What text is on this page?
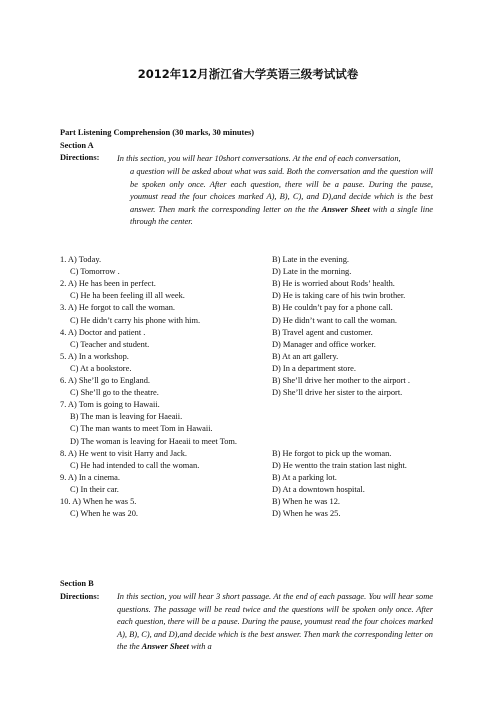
2012年12月浙江省大学英语三级考试试卷
Part Listening Comprehension (30 marks, 30 minutes)
Section A
Directions: In this section, you will hear 10short conversations. At the end of each conversation,
a question will be asked about what was said. Both the conversation and the question will be spoken only once. After each question, there will be a pause. During the pause, youmust read the four choices marked A), B), C), and D),and decide which is the best answer. Then mark the corresponding letter on the the Answer Sheet with a single line through the center.
1. A) Today.	B) Late in the evening.
C) Tomorrow .	D) Late in the morning.
2. A) He has been in perfect.	B) He is worried about Rods’ health.
C) He ha been feeling ill all week.	D) He is taking care of his twin brother.
3. A) He forgot to call the woman.	B) He couldn’t pay for a phone call.
C) He didn’t carry his phone with him.	D) He didn’t want to call the woman.
4. A) Doctor and patient .	B) Travel agent and customer.
C) Teacher and student.	D) Manager and office worker.
5. A) In a workshop.	B) At an art gallery.
C) At a bookstore.	D) In a department store.
6. A) She’ll go to England.	B) She’ll drive her mother to the airport .
C) She’ll go to the theatre.	D) She’ll drive her sister to the airport.
7. A) Tom is going to Hawaii.
B) The man is leaving for Haeaii.
C) The man wants to meet Tom in Hawaii.
D) The woman is leaving for Haeaii to meet Tom.
8. A) He went to visit Harry and Jack.	B) He forgot to pick up the woman.
C) He had intended to call the woman.	D) He wentto the train station last night.
9. A) In a cinema.	B) At a parking lot.
C) In their car.	D) At a downtown hospital.
10. A) When he was 5.	B) When he was 12.
C) When he was 20.	D) When he was 25.
Section B
Directions: In this section, you will hear 3 short passage. At the end of each passage. You will hear some questions. The passage will be read twice and the questions will be spoken only once. After each question, there will be a pause. During the pause, youmust read the four choices marked A), B), C), and D),and decide which is the best answer. Then mark the corresponding letter on the the Answer Sheet with a
